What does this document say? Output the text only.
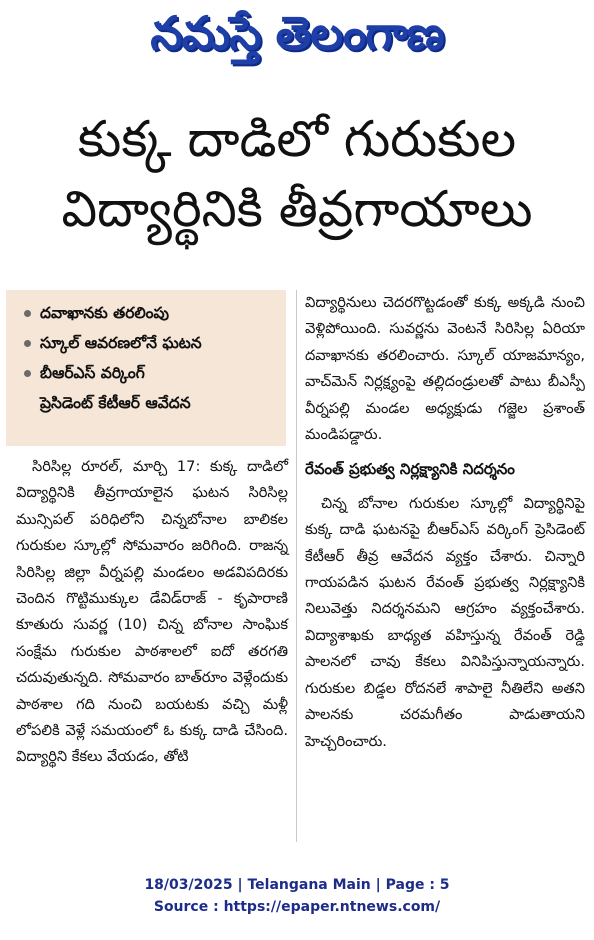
నమస్తే తెలంగాణ
కుక్క దాడిలో గురుకుల
విద్యార్థినికి తీవ్రగాయాలు
దవాఖానకు తరలింపు
స్కూల్ ఆవరణలోనే ఘటన
బీఆర్ఎస్ వర్కింగ్
ప్రెసిడెంట్ కేటీఆర్ ఆవేదన

సిరిసిల్ల రూరల్, మార్చి 17: కుక్క దాడిలో విద్యార్థినికి తీవ్రగాయాలైన ఘటన సిరిసిల్ల మున్సిపల్ పరిధిలోని చిన్నబోనాల బాలికల గురుకుల స్కూల్లో సోమవారం జరిగింది. రాజన్న సిరిసిల్ల జిల్లా వీర్నపల్లి మండలం అడవిపదిరకు చెందిన గొట్టిముక్కుల డేవిడ్‌రాజ్ - కృపారాణి కూతురు సువర్ణ (10) చిన్న బోనాల సాంఘిక సంక్షేమ గురుకుల పాఠశాలలో ఐదో తరగతి చదువుతున్నది. సోమవారం బాత్‌రూం వెళ్లేందుకు పాఠశాల గది నుంచి బయటకు వచ్చి మళ్లీ లోపలికి వెళ్లే సమయంలో ఓ కుక్క దాడి చేసింది. విద్యార్థిని కేకలు వేయడం, తోటి

విద్యార్థినులు చెదరగొట్టడంతో కుక్క అక్కడి నుంచి వెళ్లిపోయింది. సువర్ణను వెంటనే సిరిసిల్ల ఏరియా దవాఖానకు తరలించారు. స్కూల్ యాజమాన్యం, వాచ్‌మెన్ నిర్లక్ష్యంపై తల్లిదండ్రులతో పాటు బీఎస్పీ వీర్నపల్లి మండల అధ్యక్షుడు గజ్జెల ప్రశాంత్ మండిపడ్డారు.

రేవంత్ ప్రభుత్వ నిర్లక్ష్యానికి నిదర్శనం

చిన్న బోనాల గురుకుల స్కూల్లో విద్యార్థినిపై కుక్క దాడి ఘటనపై బీఆర్ఎస్ వర్కింగ్ ప్రెసిడెంట్ కేటీఆర్ తీవ్ర ఆవేదన వ్యక్తం చేశారు. చిన్నారి గాయపడిన ఘటన రేవంత్ ప్రభుత్వ నిర్లక్ష్యానికి నిలువెత్తు నిదర్శనమని ఆగ్రహం వ్యక్తంచేశారు. విద్యాశాఖకు బాధ్యత వహిస్తున్న రేవంత్ రెడ్డి పాలనలో చావు కేకలు వినిపిస్తున్నాయన్నారు. గురుకుల బిడ్డల రోదనలే శాపాలై నీతిలేని అతని పాలనకు చరమగీతం పాడుతాయని హెచ్చరించారు.

18/03/2025 | Telangana Main | Page : 5
Source : https://epaper.ntnews.com/
